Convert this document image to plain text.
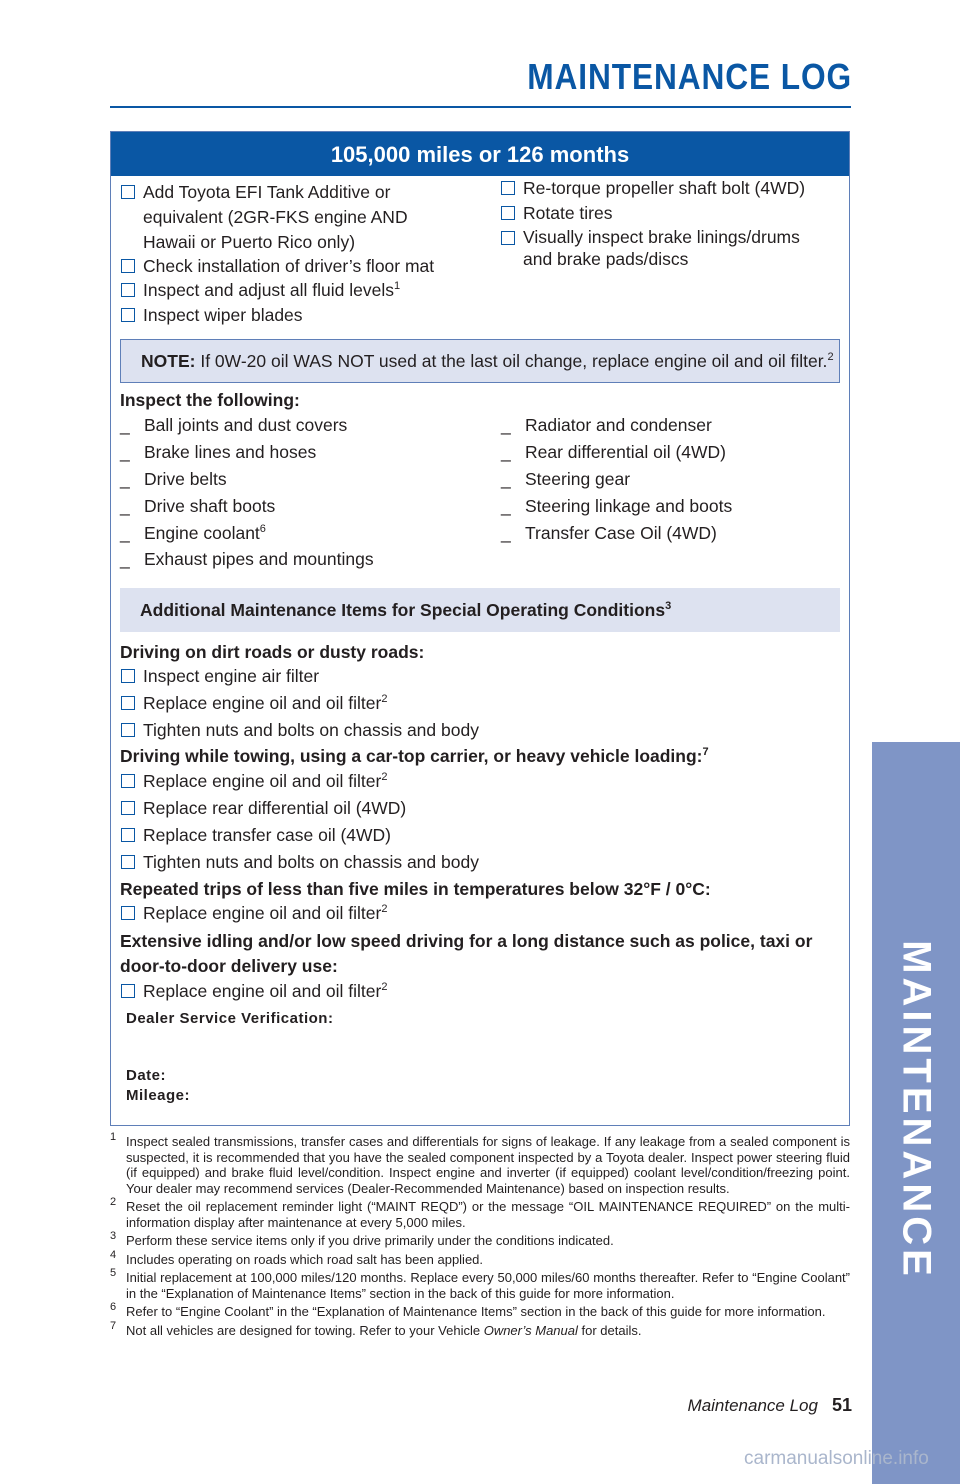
MAINTENANCE LOG
MAINTENANCE
105,000 miles or 126 months
Add Toyota EFI Tank Additive or equivalent (2GR-FKS engine AND Hawaii or Puerto Rico only)
Check installation of driver’s floor mat
Inspect and adjust all fluid levels$^1$
Inspect wiper blades
Re-torque propeller shaft bolt (4WD)
Rotate tires
Visually inspect brake linings/drums and brake pads/discs
NOTE: If 0W-20 oil WAS NOT used at the last oil change, replace engine oil and oil filter.$^2$
Inspect the following:
_ Ball joints and dust covers
_ Brake lines and hoses
_ Drive belts
_ Drive shaft boots
_ Engine coolant$^6$
_ Exhaust pipes and mountings
_ Radiator and condenser
_ Rear differential oil (4WD)
_ Steering gear
_ Steering linkage and boots
_ Transfer Case Oil (4WD)
Additional Maintenance Items for Special Operating Conditions$^3$
Driving on dirt roads or dusty roads:
Inspect engine air filter
Replace engine oil and oil filter$^2$
Tighten nuts and bolts on chassis and body
Driving while towing, using a car-top carrier, or heavy vehicle loading:$^7$
Replace engine oil and oil filter$^2$
Replace rear differential oil (4WD)
Replace transfer case oil (4WD)
Tighten nuts and bolts on chassis and body
Repeated trips of less than five miles in temperatures below 32°F / 0°C:
Replace engine oil and oil filter$^2$
Extensive idling and/or low speed driving for a long distance such as police, taxi or
door-to-door delivery use:
Replace engine oil and oil filter$^2$
Dealer Service Verification:
Date:
Mileage:
1 Inspect sealed transmissions, transfer cases and differentials for signs of leakage. If any leakage from a sealed component is suspected, it is recommended that you have the sealed component inspected by a Toyota dealer. Inspect power steering fluid (if equipped) and brake fluid level/condition. Inspect engine and inverter (if equipped) coolant level/condition/freezing point. Your dealer may recommend services (Dealer-Recommended Maintenance) based on inspection results.
2 Reset the oil replacement reminder light (“MAINT REQD”) or the message “OIL MAINTENANCE REQUIRED” on the multi-information display after maintenance at every 5,000 miles.
3 Perform these service items only if you drive primarily under the conditions indicated.
4 Includes operating on roads which road salt has been applied.
5 Initial replacement at 100,000 miles/120 months. Replace every 50,000 miles/60 months thereafter. Refer to “Engine Coolant” in the “Explanation of Maintenance Items” section in the back of this guide for more information.
6 Refer to “Engine Coolant” in the “Explanation of Maintenance Items” section in the back of this guide for more information.
7 Not all vehicles are designed for towing. Refer to your Vehicle Owner’s Manual for details.
Maintenance Log 51
carmanualsonline.info
